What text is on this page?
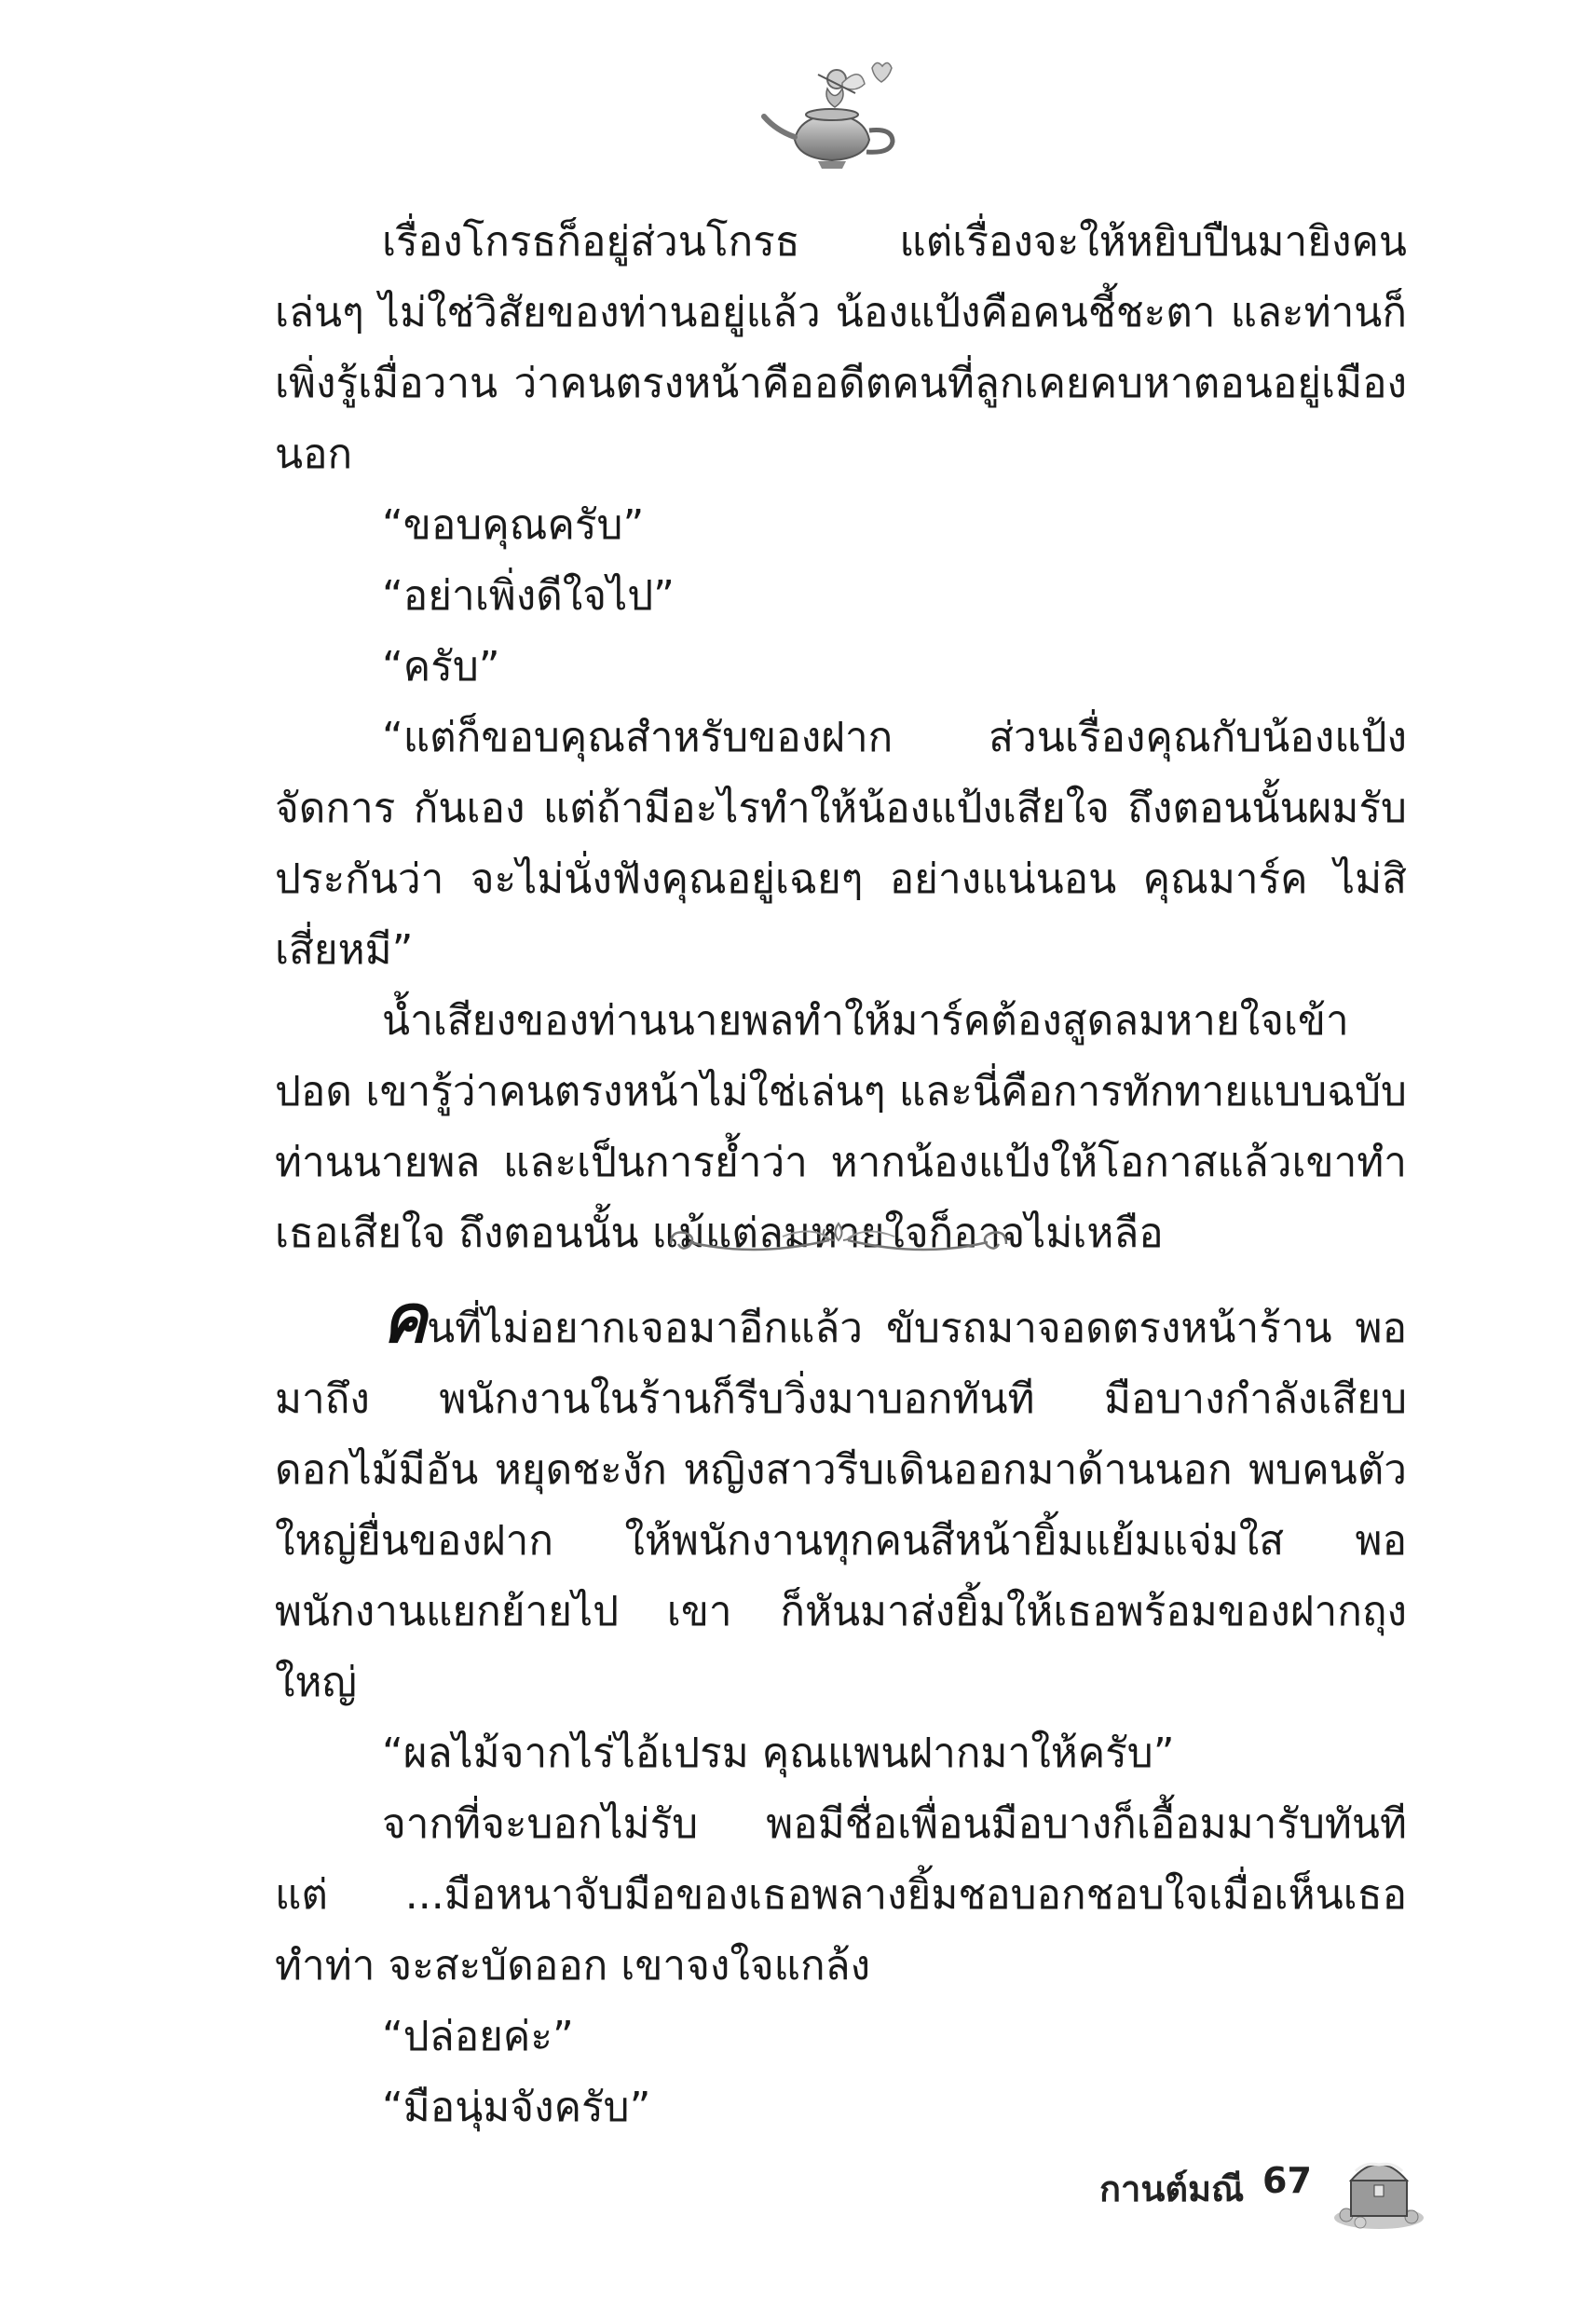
เรื่องโกรธก็อยู่ส่วนโกรธ แต่เรื่องจะให้หยิบปืนมายิงคนเล่นๆ ไม่ใช่วิสัยของท่านอยู่แล้ว น้องแป้งคือคนชี้ชะตา และท่านก็เพิ่งรู้เมื่อวาน ว่าคนตรงหน้าคืออดีตคนที่ลูกเคยคบหาตอนอยู่เมืองนอก

“ขอบคุณครับ”

“อย่าเพิ่งดีใจไป”

“ครับ”

“แต่ก็ขอบคุณสำหรับของฝาก ส่วนเรื่องคุณกับน้องแป้ง จัดการ กันเอง แต่ถ้ามีอะไรทำให้น้องแป้งเสียใจ ถึงตอนนั้นผมรับประกันว่า จะไม่นั่งฟังคุณอยู่เฉยๆ อย่างแน่นอน คุณมาร์ค ไม่สิ เสี่ยหมี”

น้ำเสียงของท่านนายพลทำให้มาร์คต้องสูดลมหายใจเข้าปอด เขารู้ว่าคนตรงหน้าไม่ใช่เล่นๆ และนี่คือการทักทายแบบฉบับท่านนายพล และเป็นการย้ำว่า หากน้องแป้งให้โอกาสแล้วเขาทำเธอเสียใจ ถึงตอนนั้น แม้แต่ลมหายใจก็อาจไม่เหลือ

คนที่ไม่อยากเจอมาอีกแล้ว ขับรถมาจอดตรงหน้าร้าน พอมาถึง พนักงานในร้านก็รีบวิ่งมาบอกทันที มือบางกำลังเสียบดอกไม้มีอัน หยุดชะงัก หญิงสาวรีบเดินออกมาด้านนอก พบคนตัวใหญ่ยื่นของฝาก ให้พนักงานทุกคนสีหน้ายิ้มแย้มแจ่มใส พอพนักงานแยกย้ายไป เขา ก็หันมาส่งยิ้มให้เธอพร้อมของฝากถุงใหญ่

“ผลไม้จากไร่ไอ้เปรม คุณแพนฝากมาให้ครับ”

จากที่จะบอกไม่รับ พอมีชื่อเพื่อนมือบางก็เอื้อมมารับทันที แต่ ...มือหนาจับมือของเธอพลางยิ้มชอบอกชอบใจเมื่อเห็นเธอทำท่า จะสะบัดออก เขาจงใจแกล้ง

“ปล่อยค่ะ”

“มือนุ่มจังครับ”

กานต์มณี 67
